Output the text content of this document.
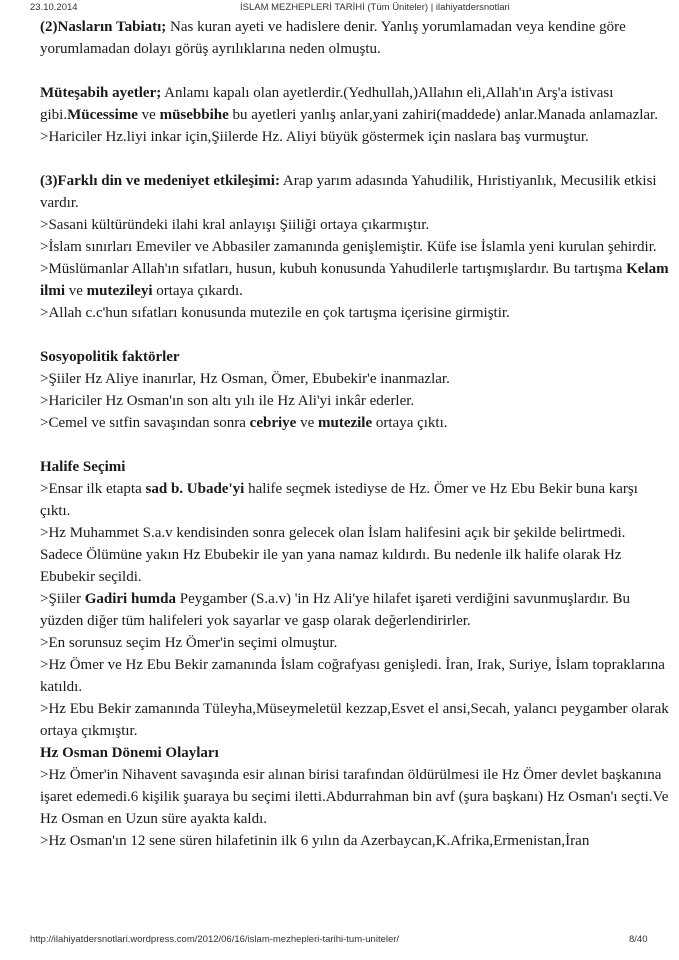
23.10.2014	İSLAM MEZHEPLERİ TARİHİ (Tüm Üniteler) | ilahiyatdersnotlari

(2)Nasların Tabiatı; Nas kuran ayeti ve hadislere denir. Yanlış yorumlamadan veya kendine göre yorumlamadan dolayı görüş ayrılıklarına neden olmuştu.

Müteşabih ayetler; Anlamı kapalı olan ayetlerdir.(Yedhullah,)Allahın eli,Allah'ın Arş'a istivası gibi.Mücessime ve müsebbihe bu ayetleri yanlış anlar,yani zahiri(maddede) anlar.Manada anlamazlar.

>Hariciler Hz.liyi inkar için,Şiilerde Hz. Aliyi büyük göstermek için naslara baş vurmuştur.

(3)Farklı din ve medeniyet etkileşimi: Arap yarım adasında Yahudilik, Hıristiyanlık, Mecusilik etkisi vardır.

>Sasani kültüründeki ilahi kral anlayışı Şiiliği ortaya çıkarmıştır.

>İslam sınırları Emeviler ve Abbasiler zamanında genişlemiştir. Küfe ise İslamla yeni kurulan şehirdir.

>Müslümanlar Allah'ın sıfatları, husun, kubuh konusunda Yahudilerle tartışmışlardır. Bu tartışma Kelam ilmi ve mutezileyi ortaya çıkardı.

>Allah c.c'hun sıfatları konusunda mutezile en çok tartışma içerisine girmiştir.

Sosyopolitik faktörler

>Şiiler Hz Aliye inanırlar, Hz Osman, Ömer, Ebubekir'e inanmazlar.

>Hariciler Hz Osman'ın son altı yılı ile Hz Ali'yi inkâr ederler.

>Cemel ve sıtfin savaşından sonra cebriye ve mutezile ortaya çıktı.

Halife Seçimi

>Ensar ilk etapta sad b. Ubade'yi halife seçmek istediyse de Hz. Ömer ve Hz Ebu Bekir buna karşı çıktı.

>Hz Muhammet S.a.v kendisinden sonra gelecek olan İslam halifesini açık bir şekilde belirtmedi. Sadece Ölümüne yakın Hz Ebubekir ile yan yana namaz kıldırdı. Bu nedenle ilk halife olarak Hz Ebubekir seçildi.

>Şiiler Gadiri humda Peygamber (S.a.v) 'in Hz Ali'ye hilafet işareti verdiğini savunmuşlardır. Bu yüzden diğer tüm halifeleri yok sayarlar ve gasp olarak değerlendirirler.

>En sorunsuz seçim Hz Ömer'in seçimi olmuştur.

>Hz Ömer ve Hz Ebu Bekir zamanında İslam coğrafyası genişledi. İran, Irak, Suriye, İslam topraklarına katıldı.

>Hz Ebu Bekir zamanında Tüleyha,Müseymeletül kezzap,Esvet el ansi,Secah, yalancı peygamber olarak ortaya çıkmıştır.

Hz Osman Dönemi Olayları

>Hz Ömer'in Nihavent savaşında esir alınan birisi tarafından öldürülmesi ile Hz Ömer devlet başkanına işaret edemedi.6 kişilik şuaraya bu seçimi iletti.Abdurrahman bin avf (şura başkanı) Hz Osman'ı seçti.Ve Hz Osman en Uzun süre ayakta kaldı.

>Hz Osman'ın 12 sene süren hilafetinin ilk 6 yılın da Azerbaycan,K.Afrika,Ermenistan,İran

http://ilahiyatdersnotlari.wordpress.com/2012/06/16/islam-mezhepleri-tarihi-tum-uniteler/	8/40
